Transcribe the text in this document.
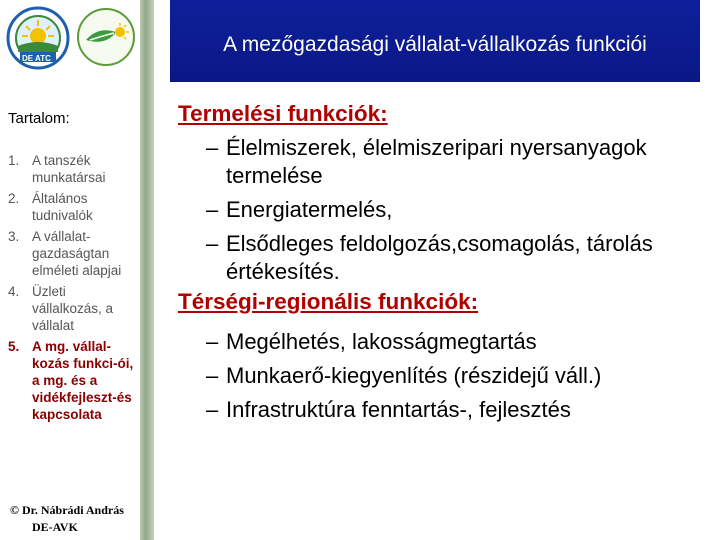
DE ATC
A mezőgazdasági vállalat-vállalkozás funkciói
Tartalom:
1. A tanszék munkatársai
2. Általános tudnivalók
3. A vállalat-gazdaságtan elméleti alapjai
4. Üzleti vállalkozás, a vállalat
5. A mg. vállal-kozás funkci-ói, a mg. és a vidékfejleszt-és kapcsolata
© Dr. Nábrádi András
DE-AVK
Termelési funkciók:
– Élelmiszerek, élelmiszeripari nyersanyagok termelése
– Energiatermelés,
– Elsődleges feldolgozás,csomagolás, tárolás értékesítés.
Térségi-regionális funkciók:
– Megélhetés, lakosságmegtartás
– Munkaerő-kiegyenlítés (részidejű váll.)
– Infrastruktúra fenntartás-, fejlesztés
